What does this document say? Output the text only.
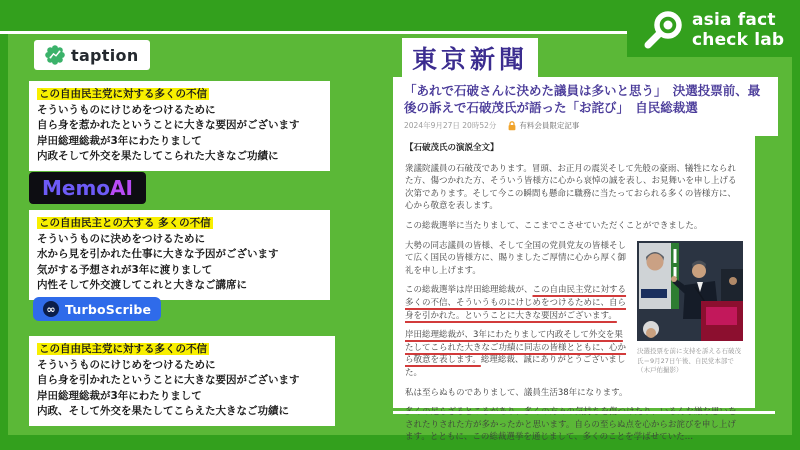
asia fact
check lab
taption
この自由民主党に対する多くの不信
そういうものにけじめをつけるために
自ら身を惹かれたということに大きな要因がございます
岸田総理総裁が3年にわたりまして
内政そして外交を果たしてこられた大きなご功績に
Memo AI
この自由民主との大する 多くの不信
そういうものに決めをつけるために
水から見を引かれた仕事に大きな予因がございます
気がする予想されが3年に渡りまして
内性そして外交渡してこれと大きなご講席に
∞ TurboScribe
この自由民主党に対する多くの不信
そういうものにけじめをつけるために
自ら身を引かれたということに大きな要因がございます
岸田総理総裁が3年にわたりまして
内政、そして外交を果たしてこらえた大きなご功績に
東京新聞
「あれで石破さんに決めた議員は多いと思う」　決選投票前、最後の訴えで石破茂氏が語った「お詫び」　自民総裁選
2024年9月27日 20時52分	有料会員限定記事
【石破茂氏の演説全文】

衆議院議員の石破茂であります。冒頭、お正月の震災そして先般の豪雨、犠牲になられた方、傷つかれた方、そういう皆様方に心から哀悼の誠を表し、お見舞いを申し上げる次第であります。そして今この瞬間も懸命に職務に当たっておられる多くの皆様方に、心から敬意を表します。

この総裁選挙に当たりまして、ここまでこさせていただくことができました。

決選投票を前に支持を訴える石破茂氏＝9月27日午後、自民党本部で（木戸佑撮影）

大勢の同志議員の皆様、そして全国の党員党友の皆様そして広く国民の皆様方に、賜りましたご厚情に心から厚く御礼を申し上げます。

この総裁選挙は岸田総理総裁が、この自由民主党に対する多くの不信、そういうものにけじめをつけるために、自ら身を引かれた。ということに大きな要因がございます。

岸田総理総裁が、3年にわたりまして内政そして外交を果たしてこられた大きなご功績に同志の皆様とともに、心から敬意を表します。総理総裁、誠にありがとうございました。

私は至らぬものでありまして、議員生活38年になります。

されたりされた方が多かったかと思います。自らの至らぬ点を心からお詫びを申し上げます。とともに、この総裁選挙を通じまして、多くのことを学ばせていた…
